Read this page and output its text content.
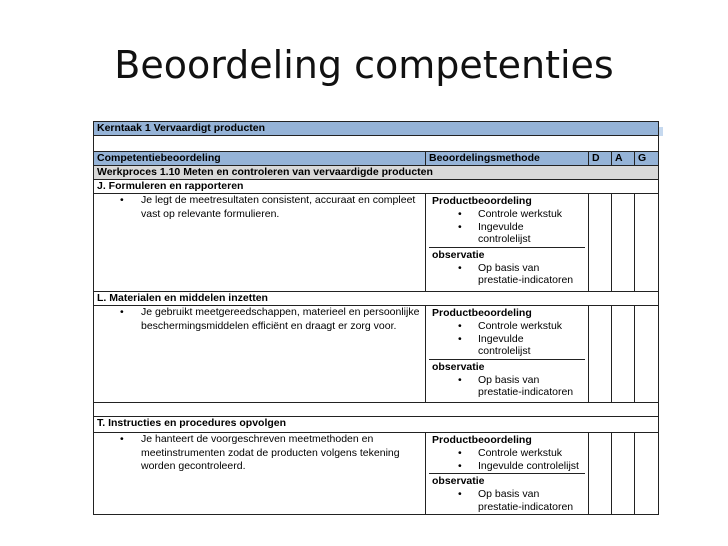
Beoordeling competenties
Kerntaak 1 Vervaardigt producten				

Competentiebeoordeling	Beoordelingsmethode	D	A	G
Werkproces 1.10 Meten en controleren van vervaardigde producten				
J. Formuleren en rapporteren				

• Je legt de meetresultaten consistent, accuraat en compleet vast op relevante formulieren.	Productbeoordeling
• Controle werkstuk
• Ingevulde controlelijst
observatie
• Op basis van prestatie-indicatoren

L. Materialen en middelen inzetten				

• Je gebruikt meetgereedschappen, materieel en persoonlijke beschermingsmiddelen efficiënt en draagt er zorg voor.	Productbeoordeling
• Controle werkstuk
• Ingevulde controlelijst
observatie
• Op basis van prestatie-indicatoren

T. Instructies en procedures opvolgen				

• Je hanteert de voorgeschreven meetmethoden en meetinstrumenten zodat de producten volgens tekening worden gecontroleerd.	Productbeoordeling
• Controle werkstuk
• Ingevulde controlelijst
observatie
• Op basis van prestatie-indicatoren
